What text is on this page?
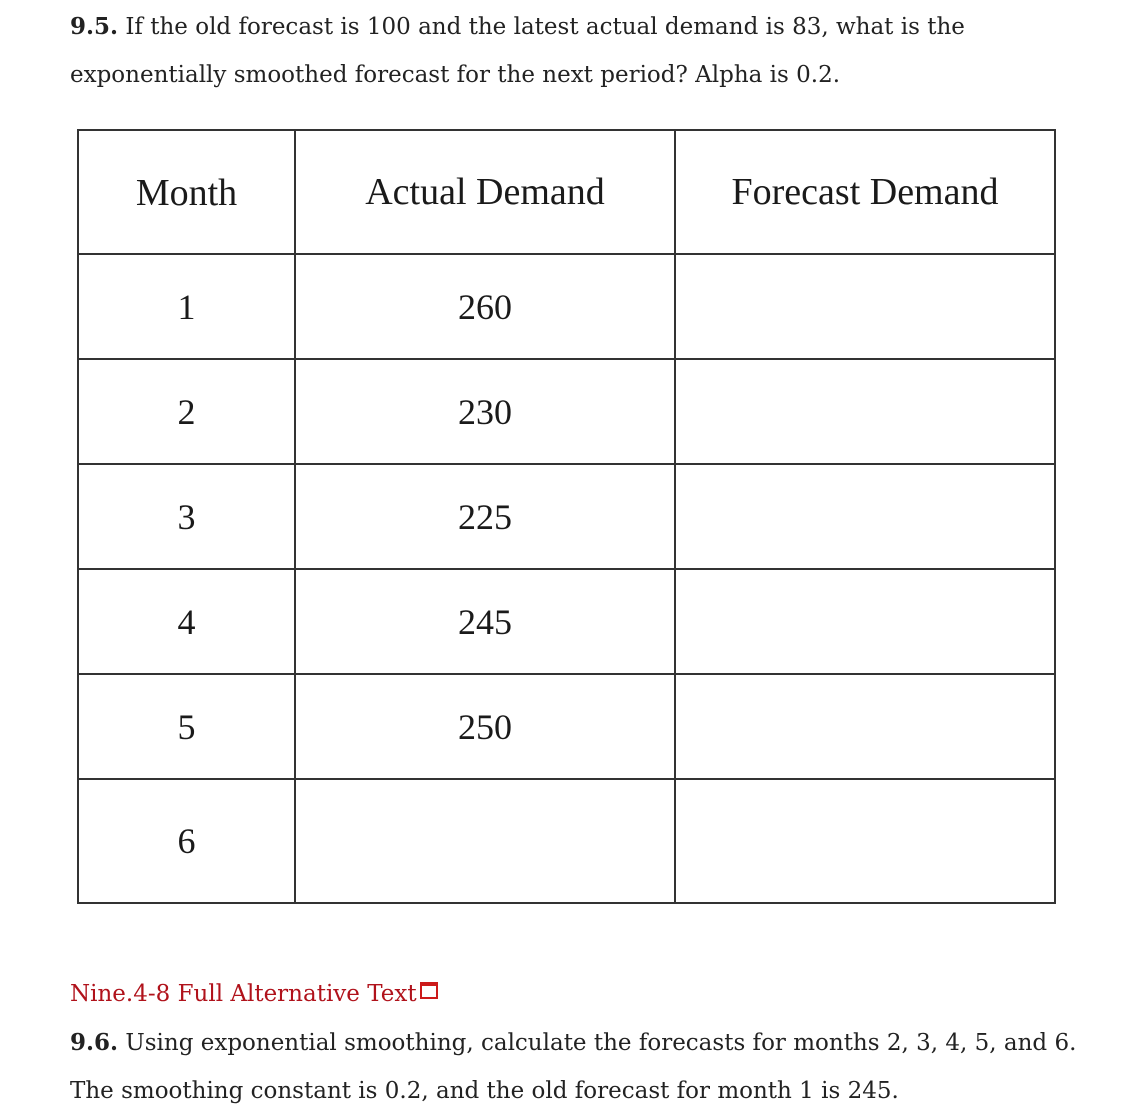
9.5. If the old forecast is 100 and the latest actual demand is 83, what is the exponentially smoothed forecast for the next period? Alpha is 0.2.
Month	Actual Demand	Forecast Demand
1	260	
2	230	
3	225	
4	245	
5	250	
6		
Nine.4-8 Full Alternative Text
9.6. Using exponential smoothing, calculate the forecasts for months 2, 3, 4, 5, and 6. The smoothing constant is 0.2, and the old forecast for month 1 is 245.
